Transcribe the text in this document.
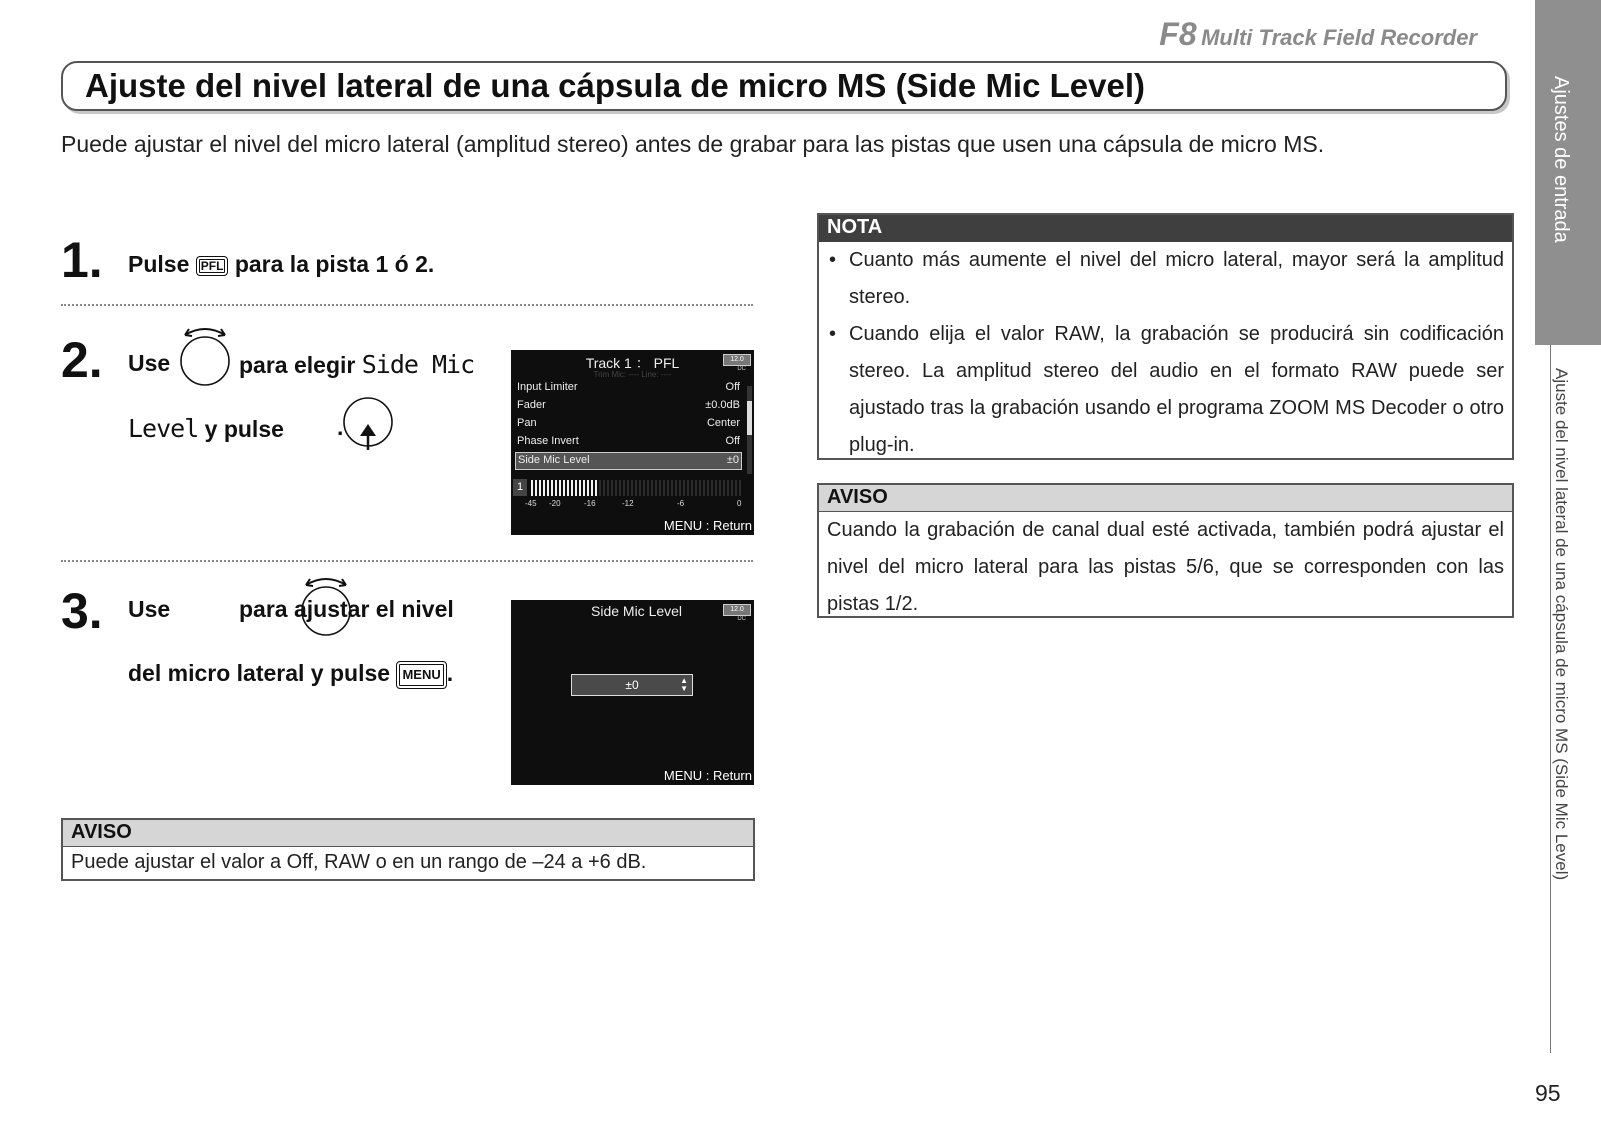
F8 Multi Track Field Recorder
Ajuste del nivel lateral de una cápsula de micro MS (Side Mic Level)
Puede ajustar el nivel del micro lateral (amplitud stereo) antes de grabar para las pistas que usen una cápsula de micro MS.
1. Pulse PFL para la pista 1 ó 2.
2. Use
	para elegir Side Mic
Level y pulse
.
Track 1 ： PFL	12.0
DC
Trim Mic: ---- Line: ----
Input Limiter	Off
Fader	±0.0dB
Pan	Center
Phase Invert	Off
Side Mic Level	±0
1
-45 -20	-16	-12	-6	0
MENU : Return
3. Use	para ajustar el nivel
del micro lateral y pulse MENU .
Side Mic Level	12.0
DC
±0	▲
▼
MENU : Return
AVISO
Puede ajustar el valor a Off, RAW o en un rango de –24 a +6 dB.
NOTA
• Cuanto más aumente el nivel del micro lateral, mayor será la amplitud stereo.
• Cuando elija el valor RAW, la grabación se producirá sin codificación stereo. La amplitud stereo del audio en el formato RAW puede ser ajustado tras la grabación usando el programa ZOOM MS Decoder o otro plug-in.
AVISO
Cuando la grabación de canal dual esté activada, también podrá ajustar el nivel del micro lateral para las pistas 5/6, que se corresponden con las pistas 1/2.
Ajustes de entrada
Ajuste del nivel lateral de una cápsula de micro MS (Side Mic Level)
95
